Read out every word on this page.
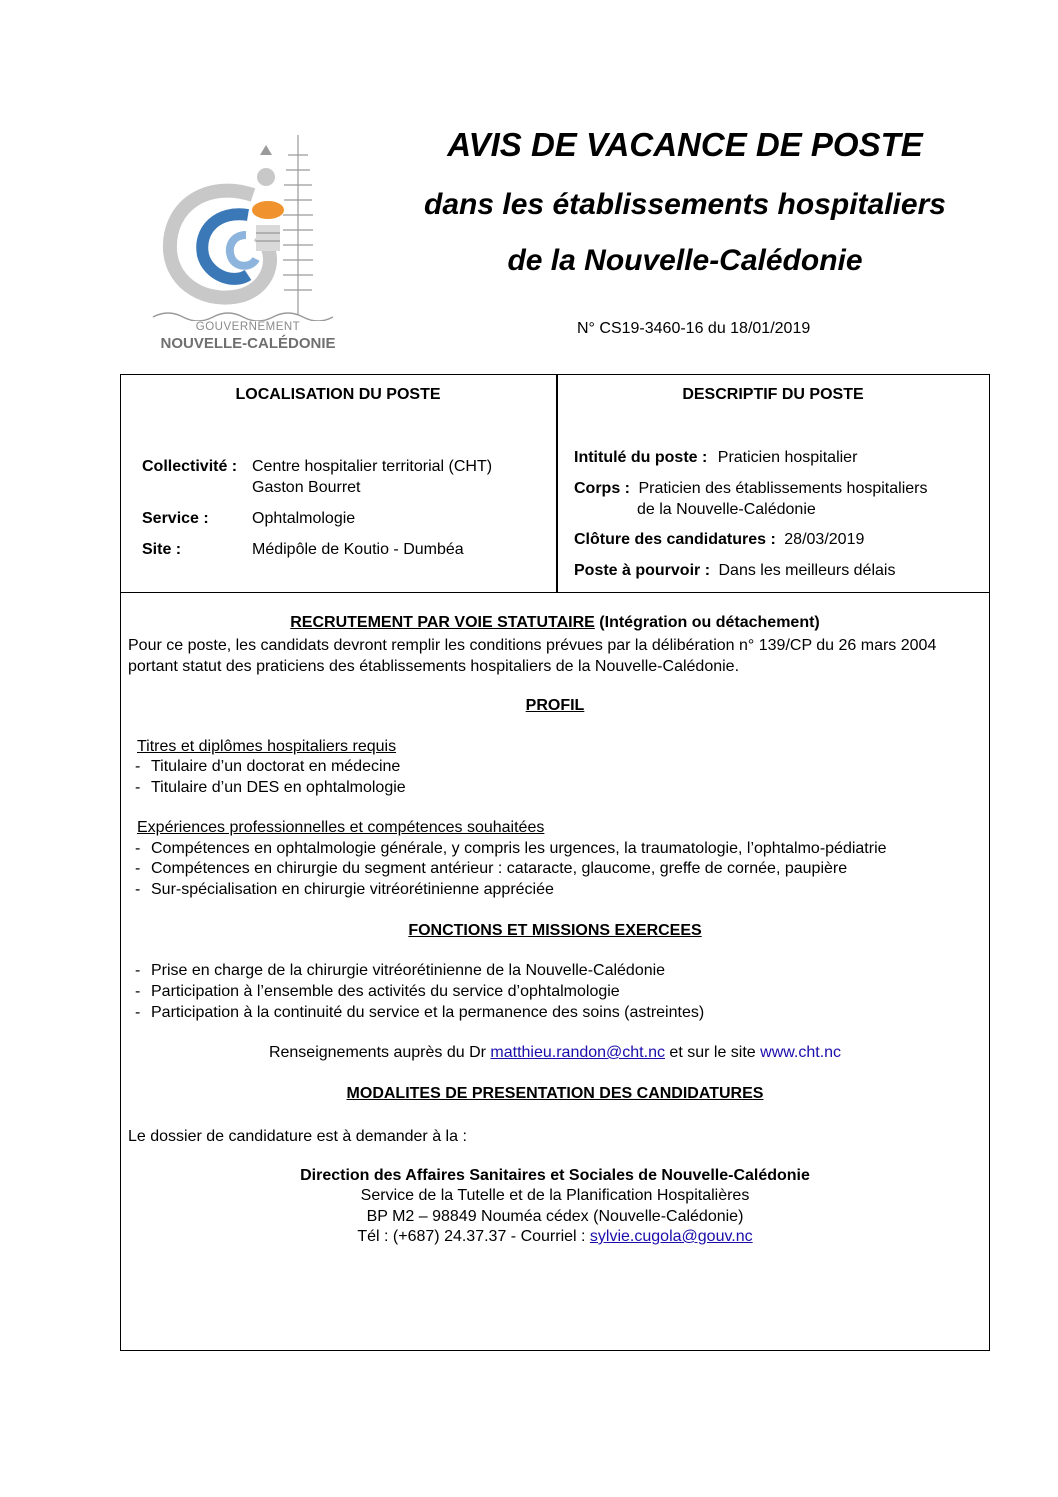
GOUVERNEMENT
NOUVELLE-CALÉDONIE
AVIS DE VACANCE DE POSTE
dans les établissements hospitaliers
de la Nouvelle-Calédonie
N° CS19-3460-16 du 18/01/2019
LOCALISATION DU POSTE
Collectivité : Centre hospitalier territorial (CHT)
Gaston Bourret
Service :	Ophtalmologie
Site :	Médipôle de Koutio - Dumbéa
DESCRIPTIF DU POSTE
Intitulé du poste : Praticien hospitalier
Corps : Praticien des établissements hospitaliers
de la Nouvelle-Calédonie
Clôture des candidatures : 28/03/2019
Poste à pourvoir : Dans les meilleurs délais
RECRUTEMENT PAR VOIE STATUTAIRE (Intégration ou détachement)
Pour ce poste, les candidats devront remplir les conditions prévues par la délibération n° 139/CP du 26 mars 2004 portant statut des praticiens des établissements hospitaliers de la Nouvelle-Calédonie.
PROFIL
Titres et diplômes hospitaliers requis
- Titulaire d’un doctorat en médecine
- Titulaire d’un DES en ophtalmologie
Expériences professionnelles et compétences souhaitées
- Compétences en ophtalmologie générale, y compris les urgences, la traumatologie, l’ophtalmo-pédiatrie
- Compétences en chirurgie du segment antérieur : cataracte, glaucome, greffe de cornée, paupière
- Sur-spécialisation en chirurgie vitréorétinienne appréciée
FONCTIONS ET MISSIONS EXERCEES
- Prise en charge de la chirurgie vitréorétinienne de la Nouvelle-Calédonie
- Participation à l’ensemble des activités du service d’ophtalmologie
- Participation à la continuité du service et la permanence des soins (astreintes)
Renseignements auprès du Dr matthieu.randon@cht.nc et sur le site www.cht.nc
MODALITES DE PRESENTATION DES CANDIDATURES
Le dossier de candidature est à demander à la :
Direction des Affaires Sanitaires et Sociales de Nouvelle-Calédonie
Service de la Tutelle et de la Planification Hospitalières
BP M2 – 98849 Nouméa cédex (Nouvelle-Calédonie)
Tél : (+687) 24.37.37 - Courriel : sylvie.cugola@gouv.nc
